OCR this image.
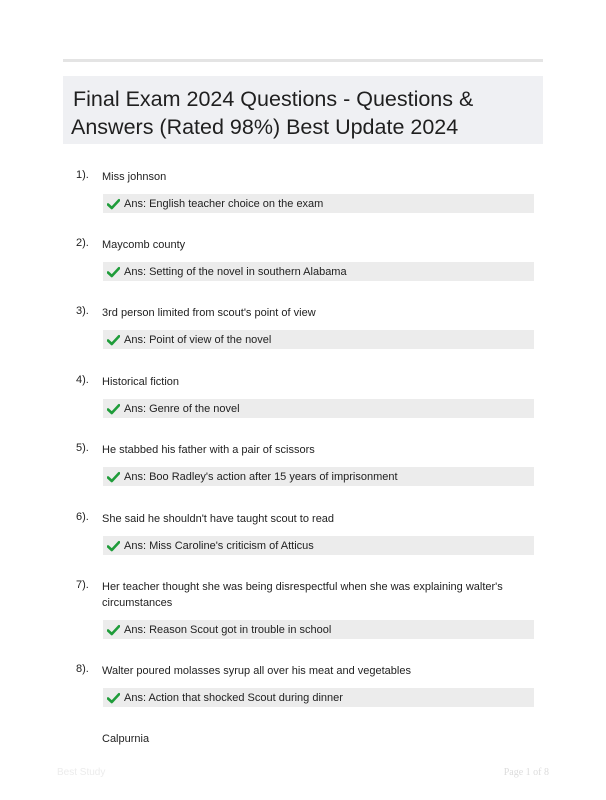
Final Exam 2024 Questions - Questions &
Answers (Rated 98%) Best Update 2024
1). Miss johnson
Ans: English teacher choice on the exam
2). Maycomb county
Ans: Setting of the novel in southern Alabama
3). 3rd person limited from scout's point of view
Ans: Point of view of the novel
4). Historical fiction
Ans: Genre of the novel
5). He stabbed his father with a pair of scissors
Ans: Boo Radley's action after 15 years of imprisonment
6). She said he shouldn't have taught scout to read
Ans: Miss Caroline's criticism of Atticus
7). Her teacher thought she was being disrespectful when she was explaining walter's circumstances
Ans: Reason Scout got in trouble in school
8). Walter poured molasses syrup all over his meat and vegetables
Ans: Action that shocked Scout during dinner
Calpurnia
Best Study	Page 1 of 8
